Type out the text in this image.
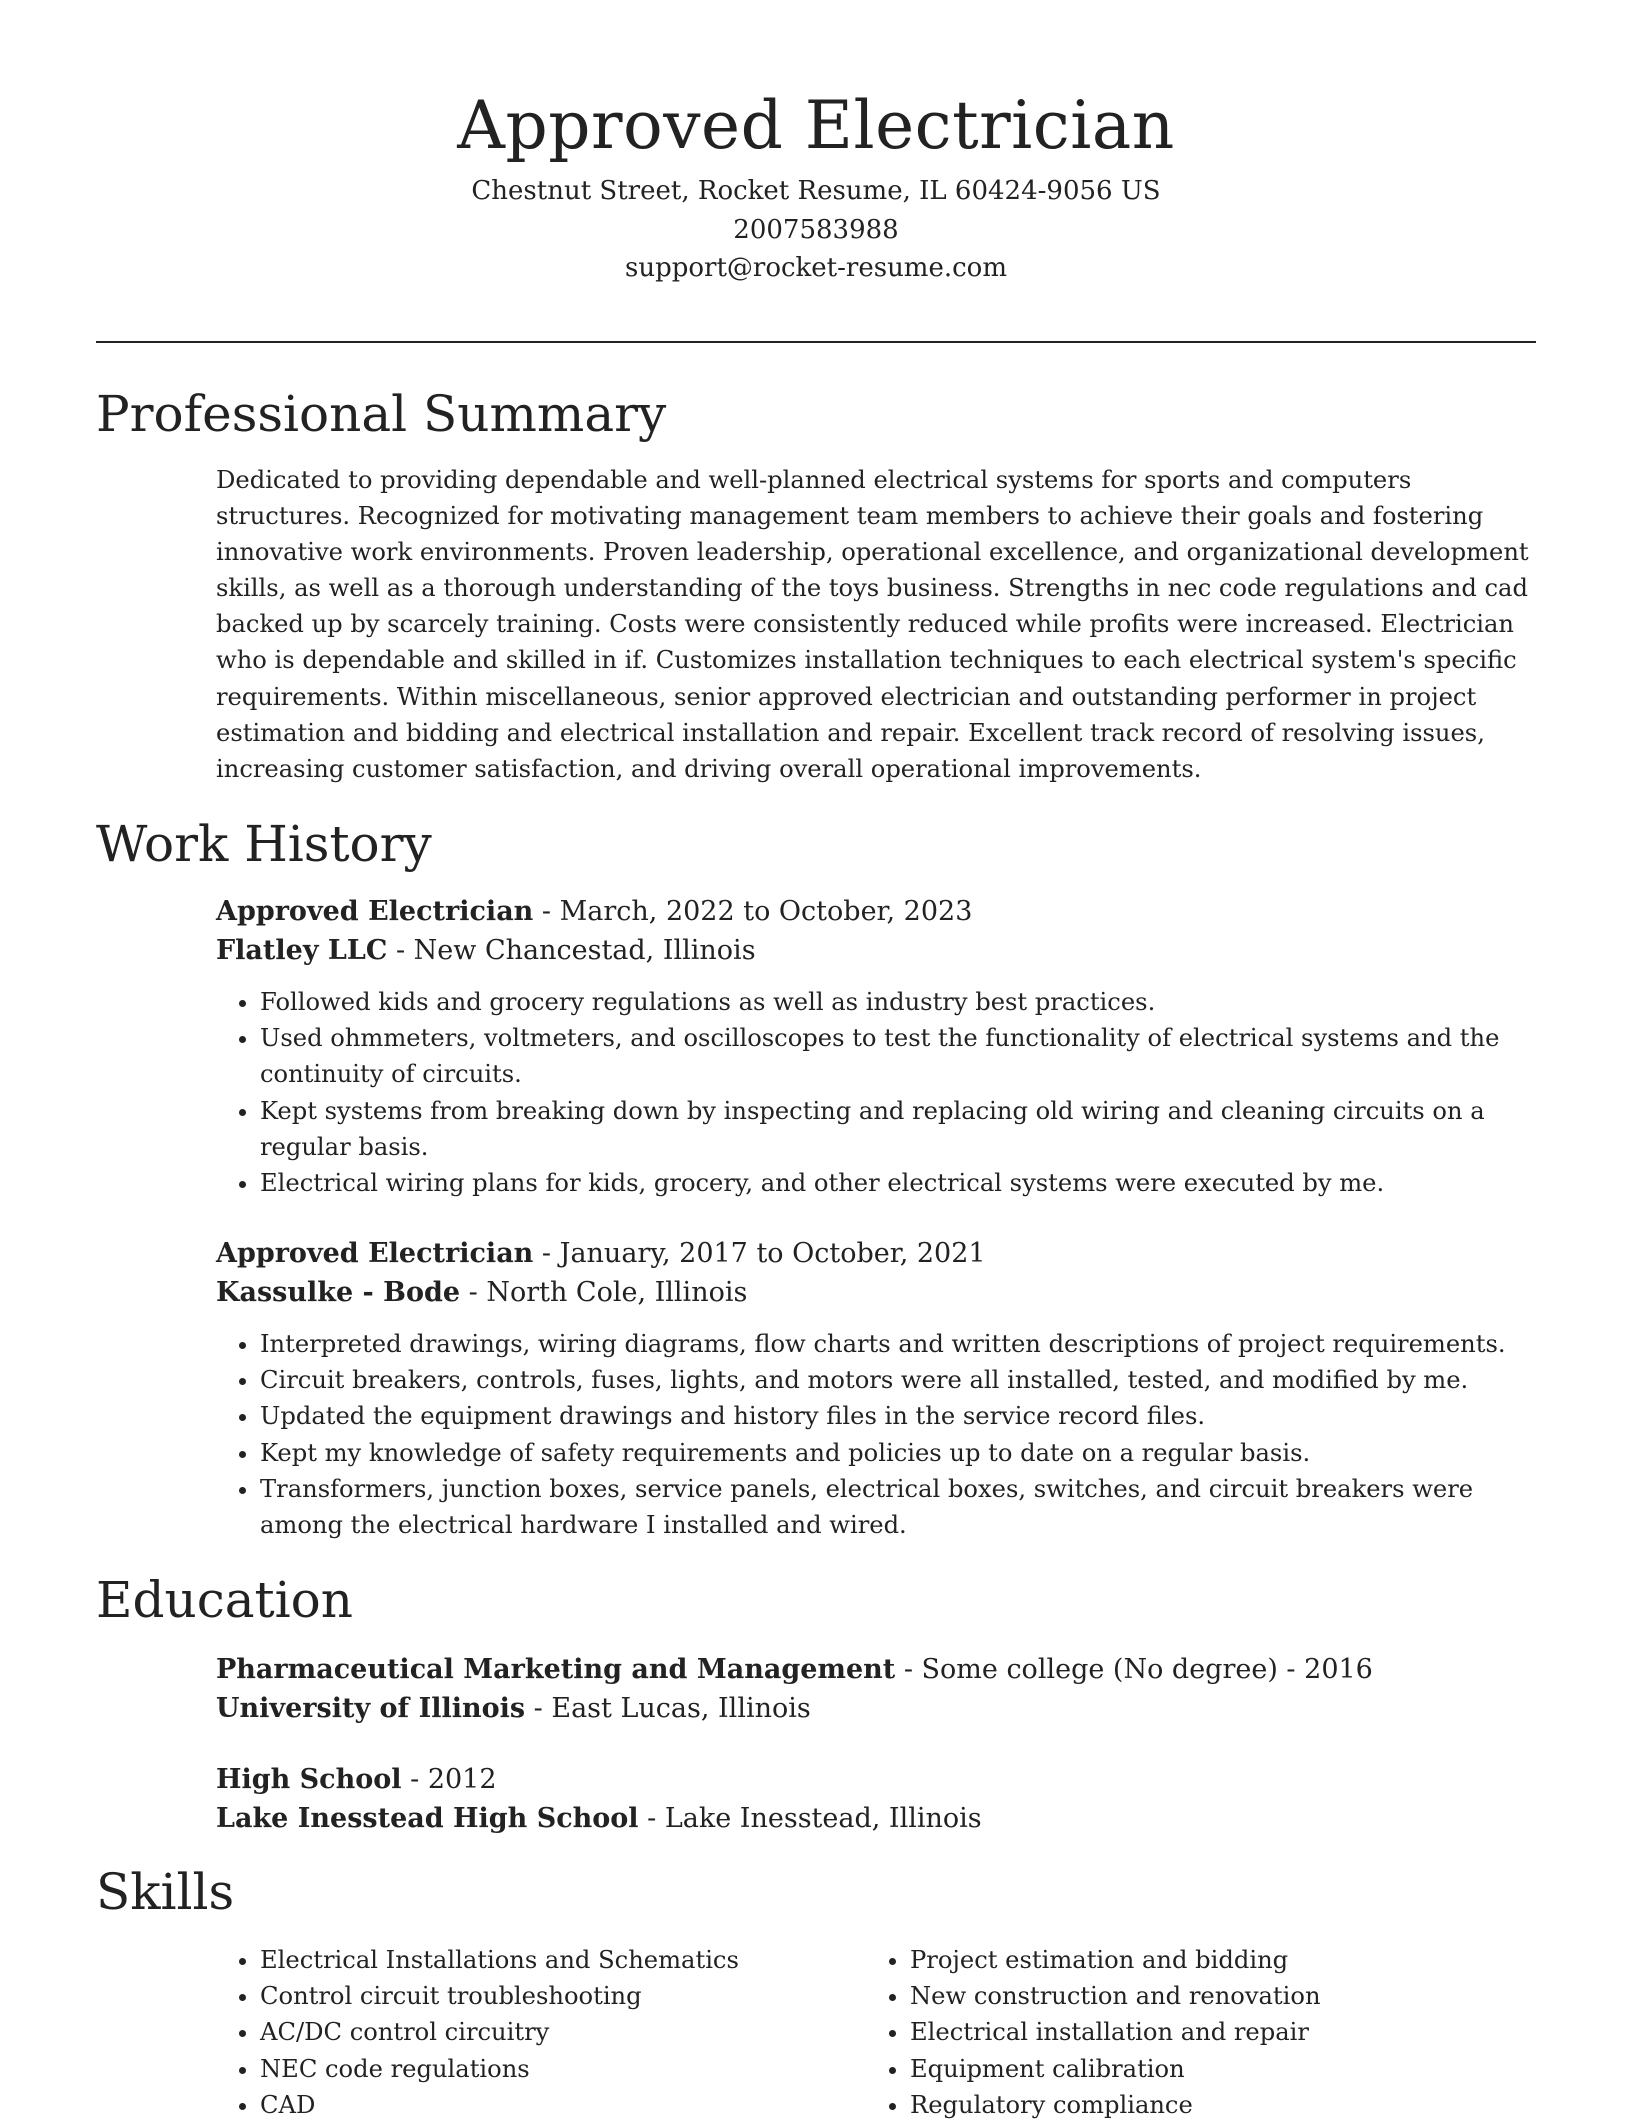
Approved Electrician
Chestnut Street, Rocket Resume, IL 60424-9056 US
2007583988
support@rocket-resume.com
Professional Summary

Dedicated to providing dependable and well-planned electrical systems for sports and computers structures. Recognized for motivating management team members to achieve their goals and fostering innovative work environments. Proven leadership, operational excellence, and organizational development skills, as well as a thorough understanding of the toys business. Strengths in nec code regulations and cad backed up by scarcely training. Costs were consistently reduced while profits were increased. Electrician who is dependable and skilled in if. Customizes installation techniques to each electrical system's specific requirements. Within miscellaneous, senior approved electrician and outstanding performer in project estimation and bidding and electrical installation and repair. Excellent track record of resolving issues, increasing customer satisfaction, and driving overall operational improvements.

Work History
Approved Electrician - March, 2022 to October, 2023
Flatley LLC - New Chancestad, Illinois
• Followed kids and grocery regulations as well as industry best practices.
• Used ohmmeters, voltmeters, and oscilloscopes to test the functionality of electrical systems and the continuity of circuits.
• Kept systems from breaking down by inspecting and replacing old wiring and cleaning circuits on a regular basis.
• Electrical wiring plans for kids, grocery, and other electrical systems were executed by me.
Approved Electrician - January, 2017 to October, 2021
Kassulke - Bode - North Cole, Illinois
• Interpreted drawings, wiring diagrams, flow charts and written descriptions of project requirements.
• Circuit breakers, controls, fuses, lights, and motors were all installed, tested, and modified by me.
• Updated the equipment drawings and history files in the service record files.
• Kept my knowledge of safety requirements and policies up to date on a regular basis.
• Transformers, junction boxes, service panels, electrical boxes, switches, and circuit breakers were among the electrical hardware I installed and wired.
Education
Pharmaceutical Marketing and Management - Some college (No degree) - 2016
University of Illinois - East Lucas, Illinois
High School - 2012
Lake Inesstead High School - Lake Inesstead, Illinois
Skills
• Electrical Installations and Schematics
• Control circuit troubleshooting
• AC/DC control circuitry
• NEC code regulations
• CAD
• Project estimation and bidding
• New construction and renovation
• Electrical installation and repair
• Equipment calibration
• Regulatory compliance
